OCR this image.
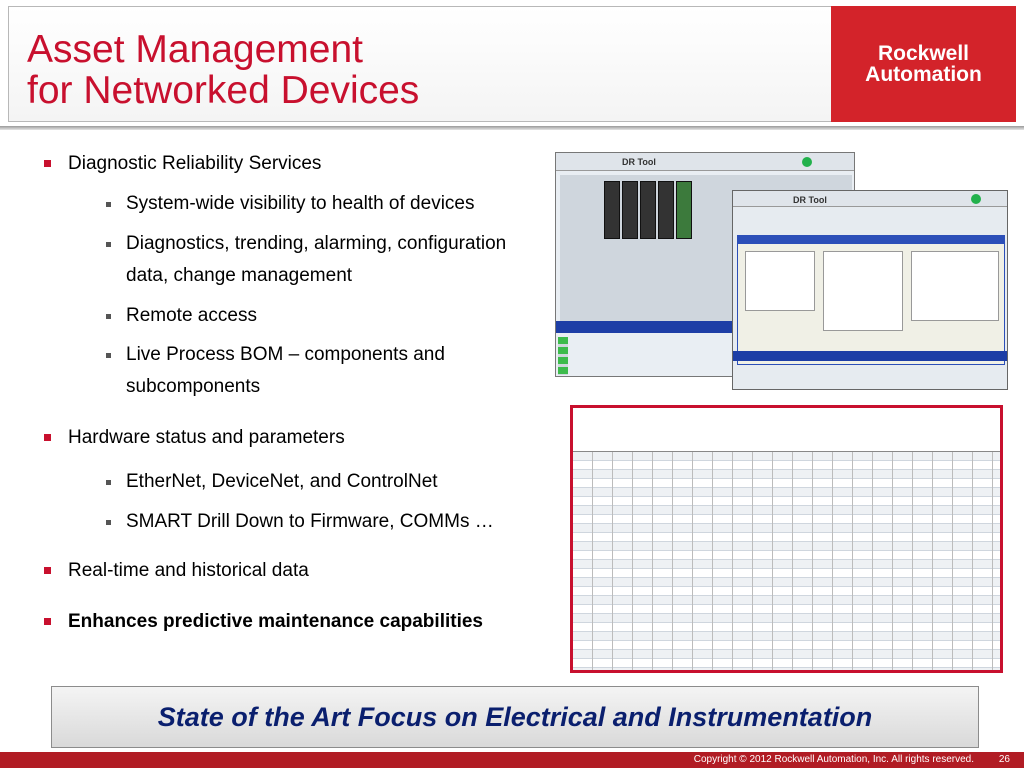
Asset Management
for Networked Devices
Rockwell
Automation
Diagnostic Reliability Services
System-wide visibility to health of devices
Diagnostics, trending, alarming, configuration data, change management
Remote access
Live Process BOM – components and subcomponents
Hardware status and parameters
EtherNet, DeviceNet, and ControlNet
SMART Drill Down to Firmware, COMMs …
Real-time and historical data
Enhances predictive maintenance capabilities
DR Tool
DR Tool
State of the Art Focus on Electrical and Instrumentation
Copyright © 2012 Rockwell Automation, Inc. All rights reserved. 26
